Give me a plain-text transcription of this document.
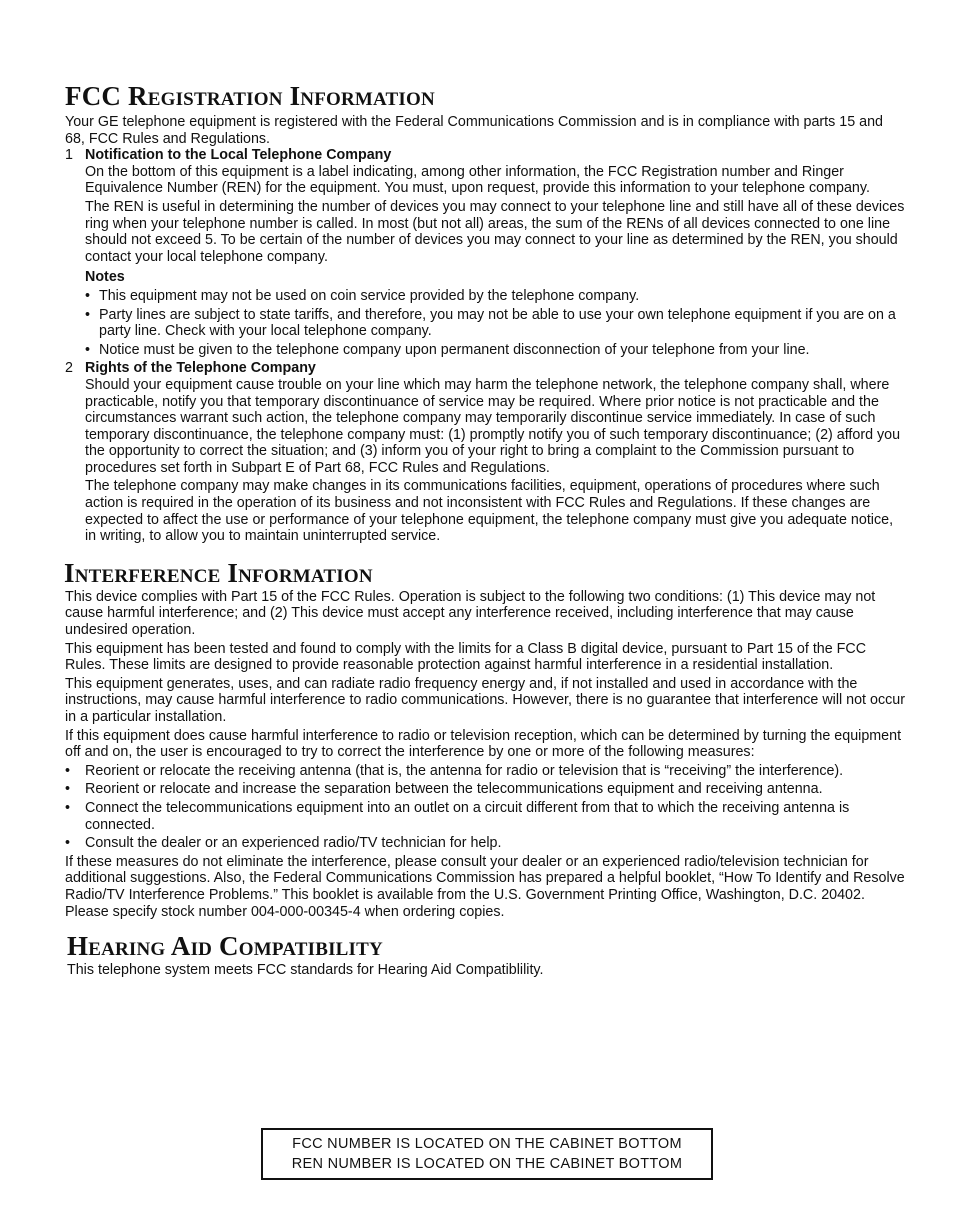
FCC Registration Information

Your GE telephone equipment is registered with the Federal Communications Commission and is in compliance with parts 15 and 68, FCC Rules and Regulations.

1 Notification to the Local Telephone Company

On the bottom of this equipment is a label indicating, among other information, the FCC Registration number and Ringer Equivalence Number (REN) for the equipment. You must, upon request, provide this information to your telephone company.

The REN is useful in determining the number of devices you may connect to your telephone line and still have all of these devices ring when your telephone number is called. In most (but not all) areas, the sum of the RENs of all devices connected to one line should not exceed 5. To be certain of the number of devices you may connect to your line as determined by the REN, you should contact your local telephone company.

Notes

• This equipment may not be used on coin service provided by the telephone company.
• Party lines are subject to state tariffs, and therefore, you may not be able to use your own telephone equipment if you are on a party line. Check with your local telephone company.
• Notice must be given to the telephone company upon permanent disconnection of your telephone from your line.
2 Rights of the Telephone Company

Should your equipment cause trouble on your line which may harm the telephone network, the telephone company shall, where practicable, notify you that temporary discontinuance of service may be required. Where prior notice is not practicable and the circumstances warrant such action, the telephone company may temporarily discontinue service immediately. In case of such temporary discontinuance, the telephone company must: (1) promptly notify you of such temporary discontinuance; (2) afford you the opportunity to correct the situation; and (3) inform you of your right to bring a complaint to the Commission pursuant to procedures set forth in Subpart E of Part 68, FCC Rules and Regulations.

The telephone company may make changes in its communications facilities, equipment, operations of procedures where such action is required in the operation of its business and not inconsistent with FCC Rules and Regulations. If these changes are expected to affect the use or performance of your telephone equipment, the telephone company must give you adequate notice, in writing, to allow you to maintain uninterrupted service.

Interference Information

This device complies with Part 15 of the FCC Rules. Operation is subject to the following two conditions: (1) This device may not cause harmful interference; and (2) This device must accept any interference received, including interference that may cause undesired operation.

This equipment has been tested and found to comply with the limits for a Class B digital device, pursuant to Part 15 of the FCC Rules. These limits are designed to provide reasonable protection against harmful interference in a residential installation.

This equipment generates, uses, and can radiate radio frequency energy and, if not installed and used in accordance with the instructions, may cause harmful interference to radio communications. However, there is no guarantee that interference will not occur in a particular installation.

If this equipment does cause harmful interference to radio or television reception, which can be determined by turning the equipment off and on, the user is encouraged to try to correct the interference by one or more of the following measures:

•	Reorient or relocate the receiving antenna (that is, the antenna for radio or television that is “receiving” the interference).
•	Reorient or relocate and increase the separation between the telecommunications equipment and receiving antenna.
•	Connect the telecommunications equipment into an outlet on a circuit different from that to which the receiving antenna is connected.
•	Consult the dealer or an experienced radio/TV technician for help.

If these measures do not eliminate the interference, please consult your dealer or an experienced radio/television technician for additional suggestions. Also, the Federal Communications Commission has prepared a helpful booklet, “How To Identify and Resolve Radio/TV Interference Problems.” This booklet is available from the U.S. Government Printing Office, Washington, D.C. 20402. Please specify stock number 004-000-00345-4 when ordering copies.

Hearing Aid Compatibility

This telephone system meets FCC standards for Hearing Aid Compatiblility.

FCC NUMBER IS LOCATED ON THE CABINET BOTTOM
REN NUMBER IS LOCATED ON THE CABINET BOTTOM
